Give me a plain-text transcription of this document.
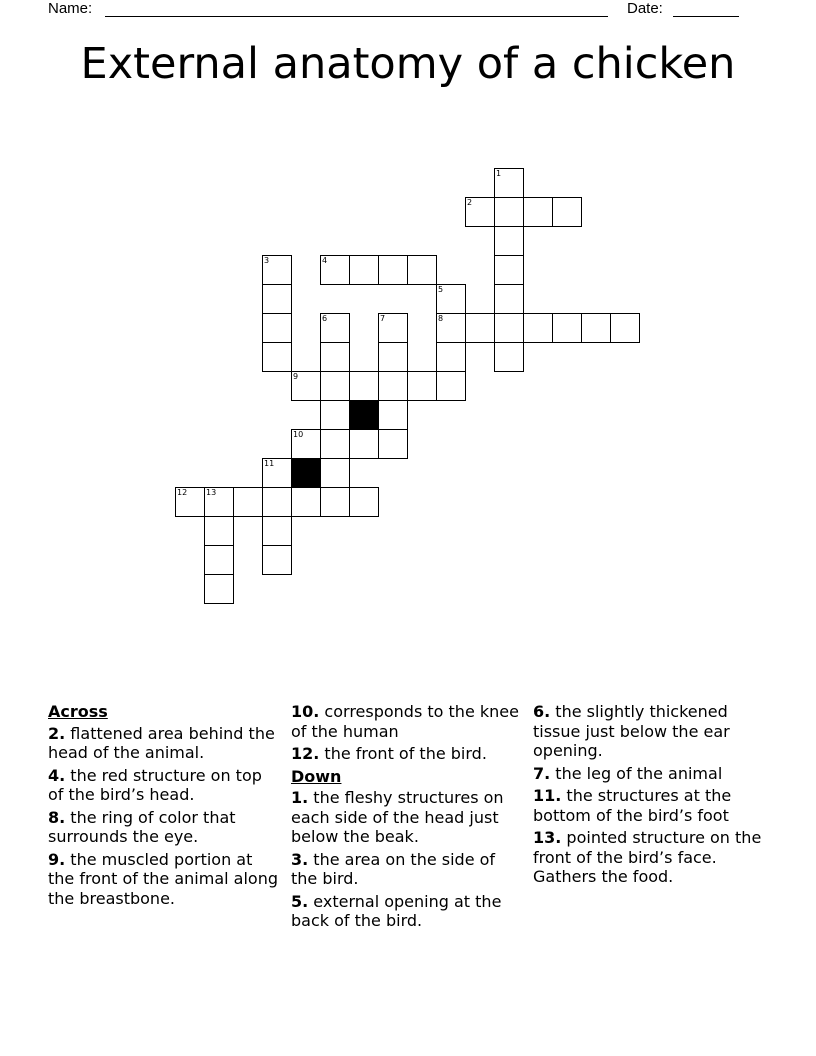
Name:	Date:
External anatomy of a chicken
1
2
3	4
5
6	7	8
9
10
11
12 13

Across

2. flattened area behind the head of the animal.

4. the red structure on top of the bird’s head.

8. the ring of color that surrounds the eye.

9. the muscled portion at the front of the animal along the breastbone.

10. corresponds to the knee of the human

12. the front of the bird.

Down

1. the fleshy structures on each side of the head just below the beak.

3. the area on the side of the bird.

5. external opening at the back of the bird.

6. the slightly thickened tissue just below the ear opening.

7. the leg of the animal

11. the structures at the bottom of the bird’s foot

13. pointed structure on the front of the bird’s face. Gathers the food.
